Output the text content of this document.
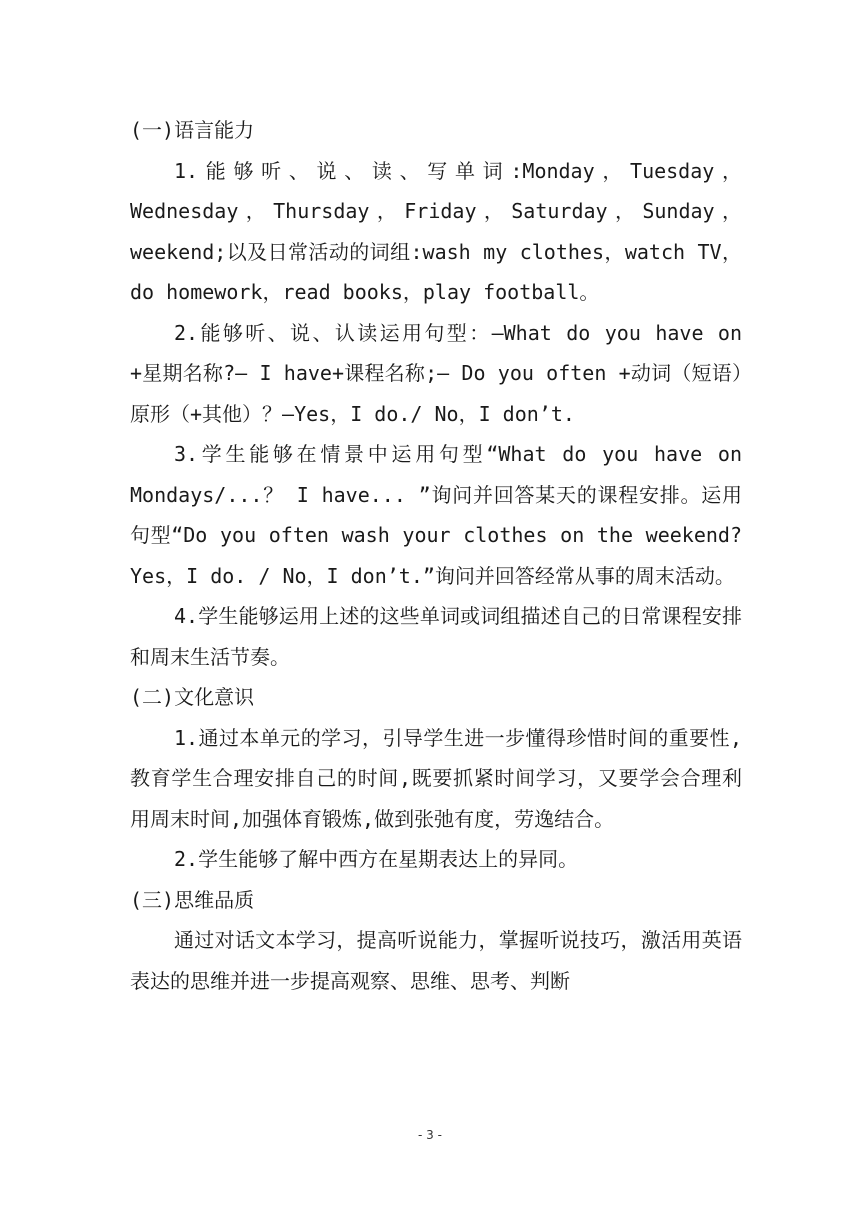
(一)语言能力

1.能够听、说、读、写单词:Monday，Tuesday，Wednesday，Thursday，Friday，Saturday，Sunday，weekend;以及日常活动的词组:wash my clothes，watch TV，do homework，read books，play football。

2.能够听、说、认读运用句型：—What do you have on +星期名称?— I have+课程名称;— Do you often +动词（短语）原形（+其他）？—Yes，I do./ No，I don’t.

3.学生能够在情景中运用句型“What do you have on Mondays/...？ I have... ”询问并回答某天的课程安排。运用句型“Do you often wash your clothes on the weekend? Yes，I do. / No，I don’t.”询问并回答经常从事的周末活动。

4.学生能够运用上述的这些单词或词组描述自己的日常课程安排和周末生活节奏。

(二)文化意识

1.通过本单元的学习，引导学生进一步懂得珍惜时间的重要性,教育学生合理安排自己的时间,既要抓紧时间学习，又要学会合理利用周末时间,加强体育锻炼,做到张弛有度，劳逸结合。

2.学生能够了解中西方在星期表达上的异同。

(三)思维品质

通过对话文本学习，提高听说能力，掌握听说技巧，激活用英语表达的思维并进一步提高观察、思维、思考、判断

- 3 -
